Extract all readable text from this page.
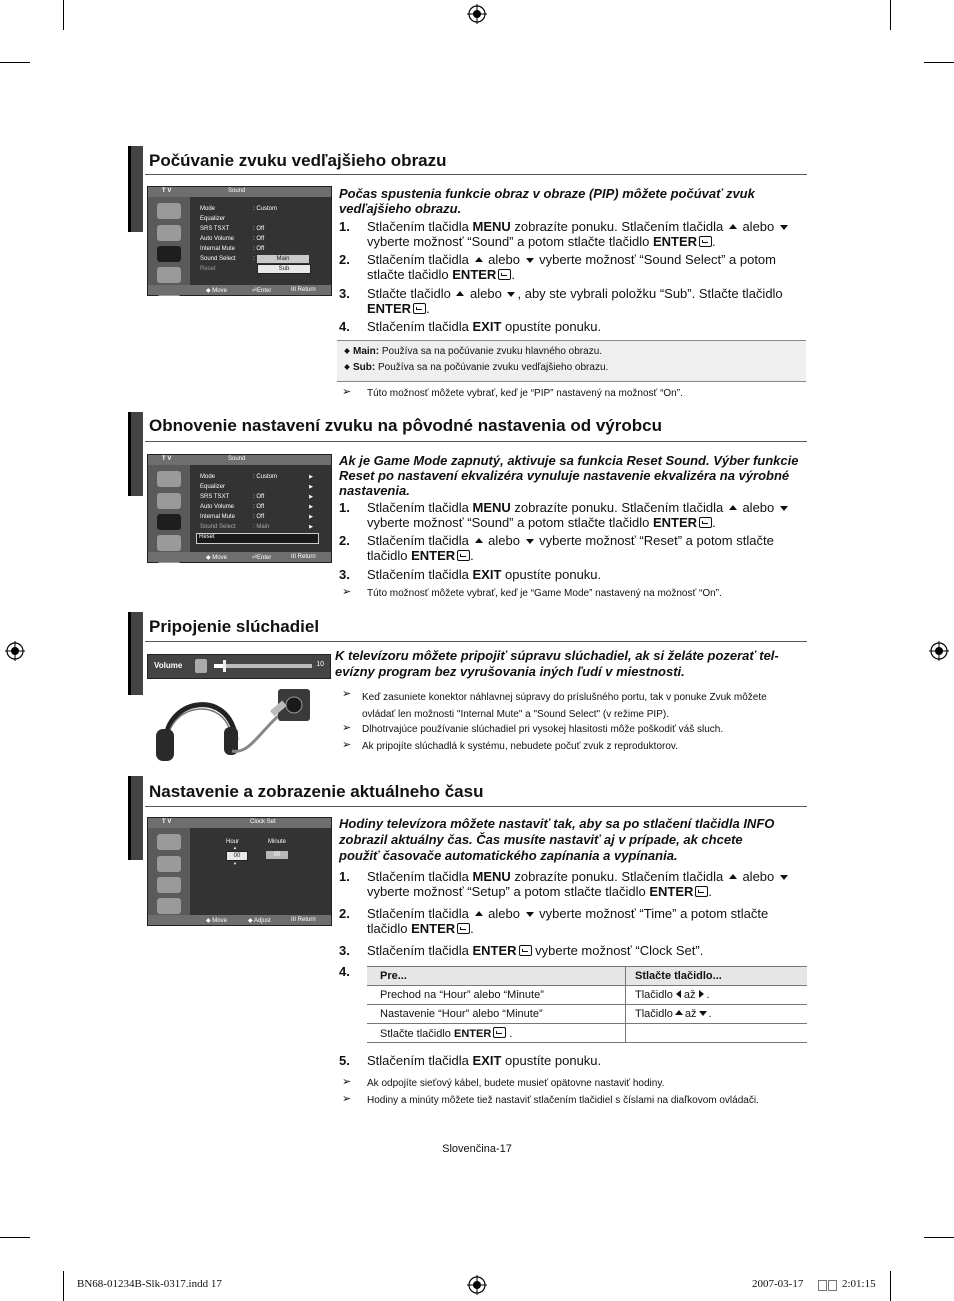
Počúvanie zvuku vedľajšieho obrazu
T V	Sound
Mode	: Custom
Equalizer
SRS TSXT	: Off
Auto Volume	: Off
Internal Mute	: Off
Sound Select	:
Reset
Main
Sub
◆ Move	⏎Enter	III Return
Počas spustenia funkcie obraz v obraze (PIP) môžete počúvať zvuk vedľajšieho obrazu.
1. Stlačením tlačidla MENU zobrazíte ponuku. Stlačením tlačidla  alebo  vyberte možnosť “Sound” a potom stlačte tlačidlo ENTER .
2. Stlačením tlačidla  alebo  vyberte možnosť “Sound Select” a potom stlačte tlačidlo ENTER .
3. Stlačte tlačidlo  alebo , aby ste vybrali položku “Sub”. Stlačte tlačidlo ENTER .
4. Stlačením tlačidla EXIT opustíte ponuku.
Main: Používa sa na počúvanie zvuku hlavného obrazu.
Sub: Používa sa na počúvanie zvuku vedľajšieho obrazu.
➢ Túto možnosť môžete vybrať, keď je “PIP” nastavený na možnosť “On”.
Obnovenie nastavení zvuku na pôvodné nastavenia od výrobcu
T V	Sound
Mode	: Custom
Equalizer
SRS TSXT	: Off
Auto Volume	: Off
Internal Mute	: Off
Sound Select	: Main
Reset
▶
▶
▶
▶
▶
▶
◆ Move	⏎Enter	III Return
Ak je Game Mode zapnutý, aktivuje sa funkcia Reset Sound. Výber funkcie Reset po nastavení ekvalizéra vynuluje nastavenie ekvalizéra na výrobné nastavenia.
1. Stlačením tlačidla MENU zobrazíte ponuku. Stlačením tlačidla  alebo  vyberte možnosť “Sound” a potom stlačte tlačidlo ENTER .
2. Stlačením tlačidla  alebo  vyberte možnosť “Reset” a potom stlačte tlačidlo ENTER .
3. Stlačením tlačidla EXIT opustíte ponuku.
➢ Túto možnosť môžete vybrať, keď je “Game Mode” nastavený na možnosť “On”.
Pripojenie slúchadiel
Volume	10
K televízoru môžete pripojiť súpravu slúchadiel, ak si želáte pozerať tel-
evízny program bez vyrušovania iných ľudí v miestnosti.
➢ Keď zasuniete konektor náhlavnej súpravy do príslušného portu, tak v ponuke Zvuk môžete
ovládať len možnosti "Internal Mute" a "Sound Select" (v režime PIP).
➢ Dlhotrvajúce používanie slúchadiel pri vysokej hlasitosti môže poškodiť váš sluch.
➢ Ak pripojíte slúchadlá k systému, nebudete počuť zvuk z reproduktorov.
Nastavenie a zobrazenie aktuálneho času
T V	Clock Set
Hour	Minute
00	00
▲
▼
◆ Move	◆ Adjust	III Return
Hodiny televízora môžete nastaviť tak, aby sa po stlačení tlačidla INFO zobrazil aktuálny čas. Čas musíte nastaviť aj v prípade, ak chcete použiť časovače automatického zapínania a vypínania.
1. Stlačením tlačidla MENU zobrazíte ponuku. Stlačením tlačidla  alebo  vyberte možnosť “Setup” a potom stlačte tlačidlo ENTER .
2. Stlačením tlačidla  alebo  vyberte možnosť “Time” a potom stlačte tlačidlo ENTER .
3. Stlačením tlačidla ENTER vyberte možnosť “Clock Set”.
4.	Pre...	Stlačte tlačidlo...
Prechod na “Hour” alebo “Minute”	Tlačidlo až .
Nastavenie “Hour” alebo “Minute”	Tlačidlo až .
Stlačte tlačidlo ENTER .	
5. Stlačením tlačidla EXIT opustíte ponuku.
➢ Ak odpojíte sieťový kábel, budete musieť opätovne nastaviť hodiny.
➢ Hodiny a minúty môžete tiež nastaviť stlačením tlačidiel s číslami na diaľkovom ovládači.
Slovenčina-17
BN68-01234B-Slk-0317.indd 17	2007-03-17	2:01:15
